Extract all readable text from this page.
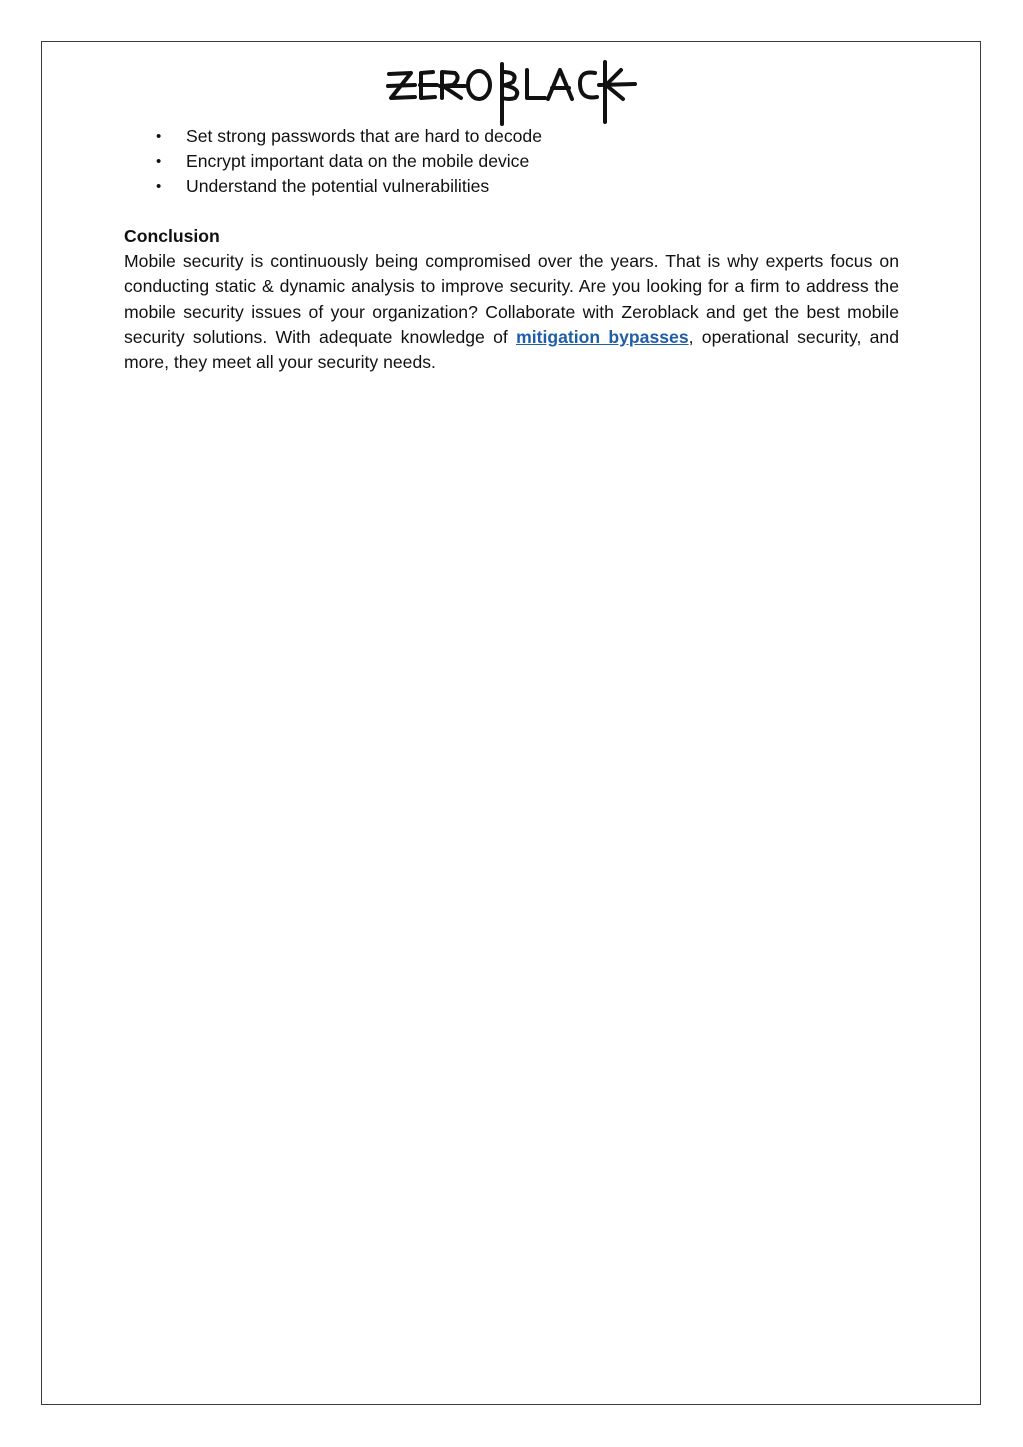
• Set strong passwords that are hard to decode
• Encrypt important data on the mobile device
• Understand the potential vulnerabilities
Conclusion

Mobile security is continuously being compromised over the years. That is why experts focus on conducting static & dynamic analysis to improve security. Are you looking for a firm to address the mobile security issues of your organization? Collaborate with Zeroblack and get the best mobile security solutions. With adequate knowledge of mitigation bypasses, operational security, and more, they meet all your security needs.
